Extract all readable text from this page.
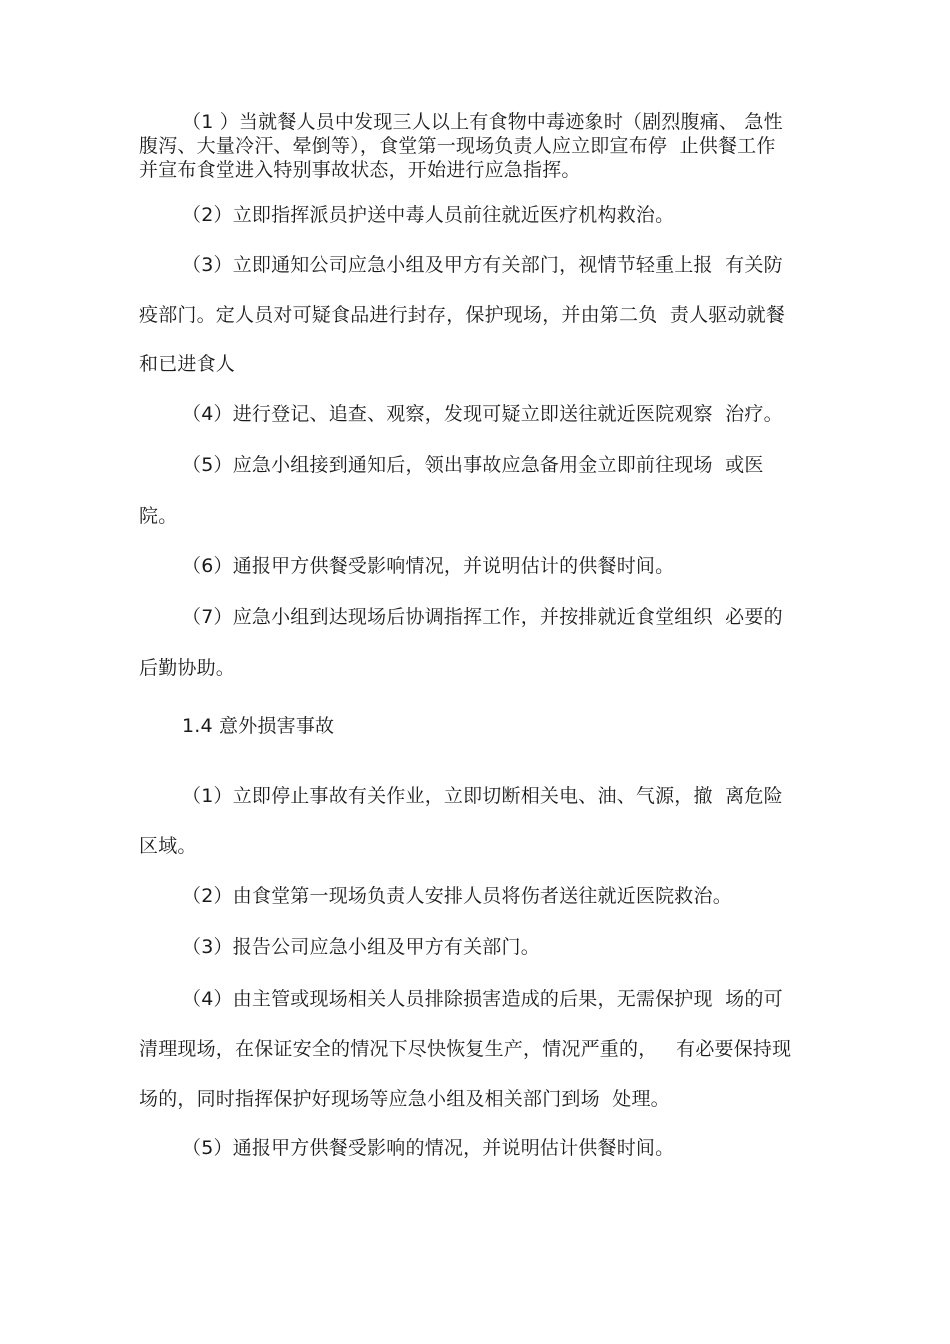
（1 ）当就餐人员中发现三人以上有食物中毒迹象时（剧烈腹痛、 急性
腹泻、大量冷汗、晕倒等），食堂第一现场负责人应立即宣布停  止供餐工作
并宣布食堂进入特别事故状态，开始进行应急指挥。
（2）立即指挥派员护送中毒人员前往就近医疗机构救治。
（3）立即通知公司应急小组及甲方有关部门，视情节轻重上报  有关防
疫部门。定人员对可疑食品进行封存，保护现场，并由第二负  责人驱动就餐
和已进食人
（4）进行登记、追查、观察，发现可疑立即送往就近医院观察  治疗。
（5）应急小组接到通知后，领出事故应急备用金立即前往现场  或医
院。
（6）通报甲方供餐受影响情况，并说明估计的供餐时间。
（7）应急小组到达现场后协调指挥工作，并按排就近食堂组织  必要的
后勤协助。
1.4 意外损害事故
（1）立即停止事故有关作业，立即切断相关电、油、气源，撤  离危险
区域。
（2）由食堂第一现场负责人安排人员将伤者送往就近医院救治。
（3）报告公司应急小组及甲方有关部门。
（4）由主管或现场相关人员排除损害造成的后果，无需保护现  场的可
清理现场，在保证安全的情况下尽快恢复生产，情况严重的，   有必要保持现
场的，同时指挥保护好现场等应急小组及相关部门到场  处理。
（5）通报甲方供餐受影响的情况，并说明估计供餐时间。
